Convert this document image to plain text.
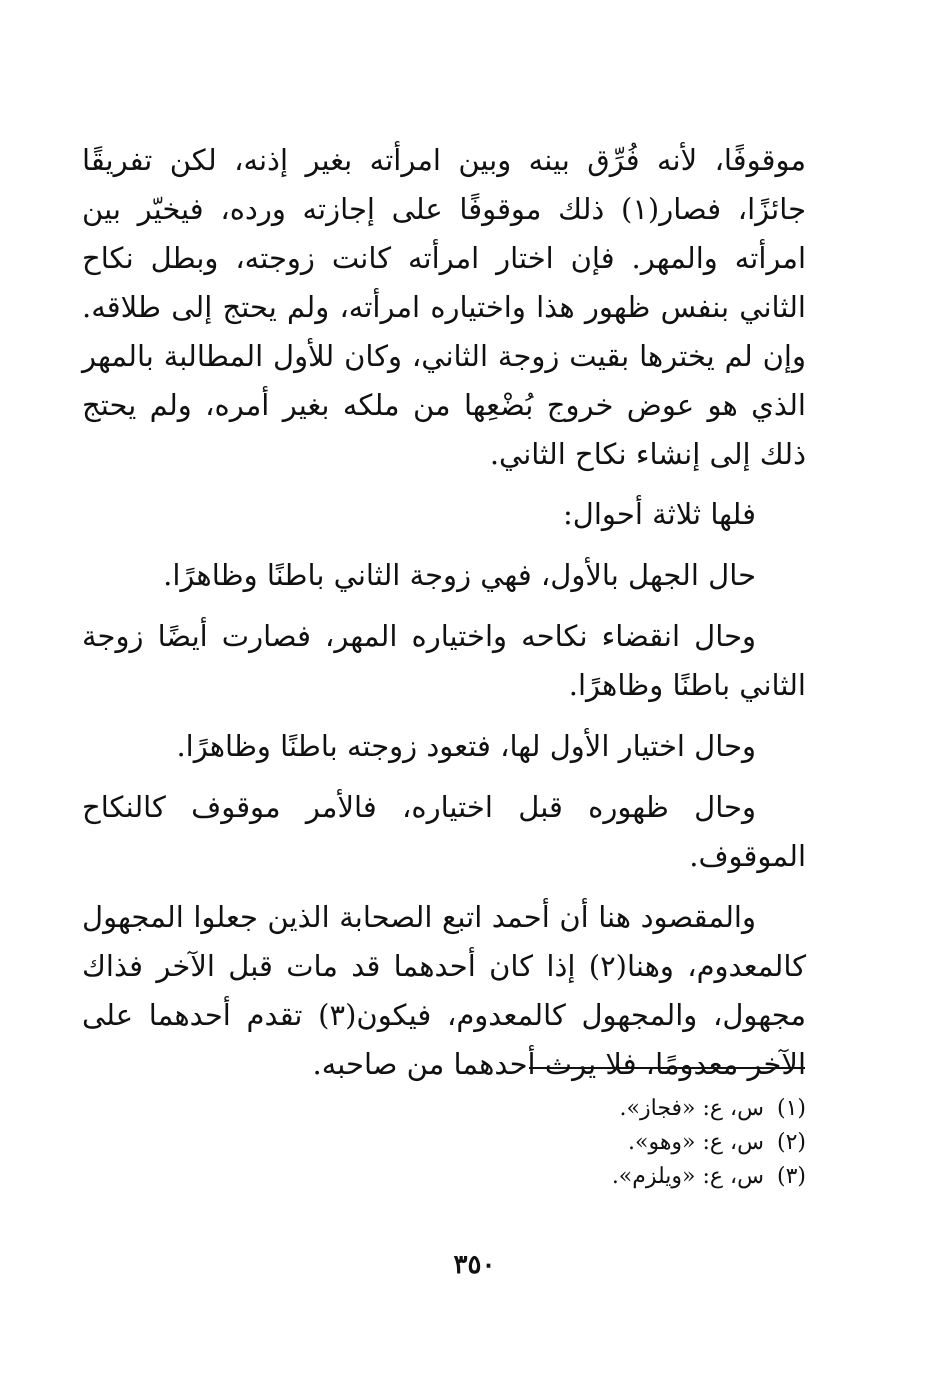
موقوفًا، لأنه فُرِّق بينه وبين امرأته بغير إذنه، لكن تفريقًا جائزًا، فصار(١) ذلك موقوفًا على إجازته ورده، فيخيّر بين امرأته والمهر. فإن اختار امرأته كانت زوجته، وبطل نكاح الثاني بنفس ظهور هذا واختياره امرأته، ولم يحتج إلى طلاقه. وإن لم يخترها بقيت زوجة الثاني، وكان للأول المطالبة بالمهر الذي هو عوض خروج بُضْعِها من ملكه بغير أمره، ولم يحتج ذلك إلى إنشاء نكاح الثاني.

فلها ثلاثة أحوال:

حال الجهل بالأول، فهي زوجة الثاني باطنًا وظاهرًا.

وحال انقضاء نكاحه واختياره المهر، فصارت أيضًا زوجة الثاني باطنًا وظاهرًا.

وحال اختيار الأول لها، فتعود زوجته باطنًا وظاهرًا.

وحال ظهوره قبل اختياره، فالأمر موقوف كالنكاح الموقوف.

والمقصود هنا أن أحمد اتبع الصحابة الذين جعلوا المجهول كالمعدوم، وهنا(٢) إذا كان أحدهما قد مات قبل الآخر فذاك مجهول، والمجهول كالمعدوم، فيكون(٣) تقدم أحدهما على الآخر معدومًا، فلا يرث أحدهما من صاحبه.

(١)
س، ع: «فجاز».
(٢)
س، ع: «وهو».
(٣)
س، ع: «ويلزم».
٣٥٠
